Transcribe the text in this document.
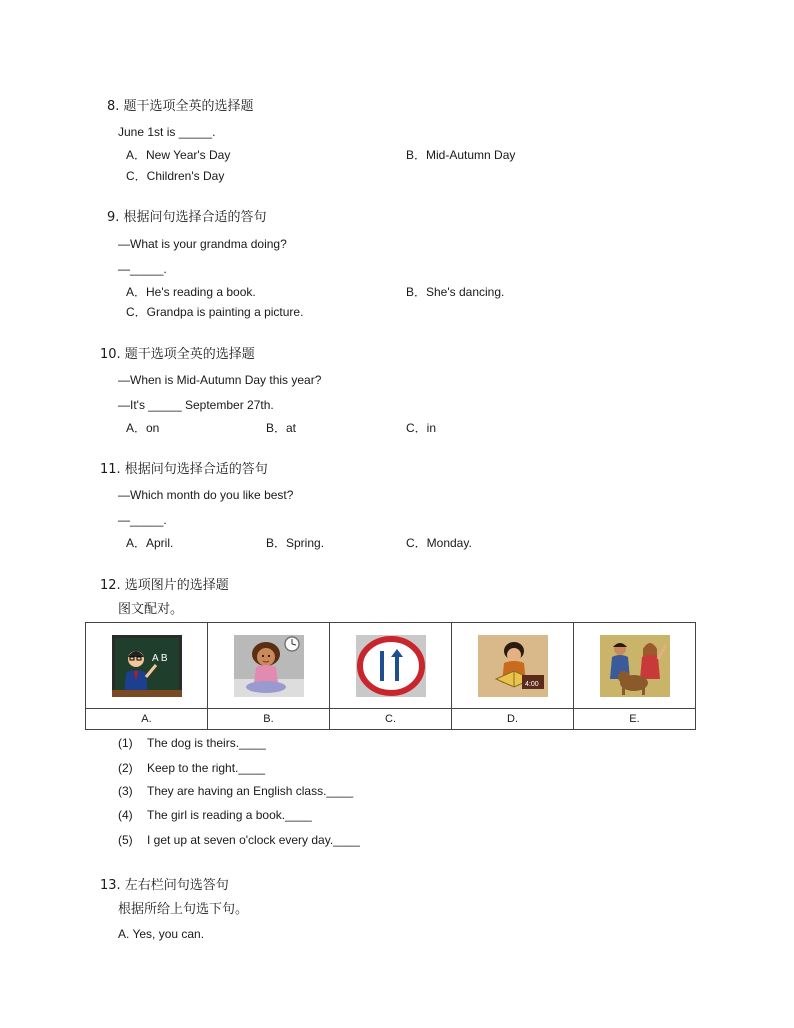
8. 题干选项全英的选择题
June 1st is _____.
A．New Year's Day	B．Mid-Autumn Day
C．Children's Day
9. 根据问句选择合适的答句
—What is your grandma doing?
—_____.
A．He's reading a book.	B．She's dancing.
C．Grandpa is painting a picture.
10. 题干选项全英的选择题
—When is Mid-Autumn Day this year?
—It's _____ September 27th.
A．on	B．at	C．in
11. 根据问句选择合适的答句
—Which month do you like best?
—_____.
A．April.	B．Spring.	C．Monday.
12. 选项图片的选择题
图文配对。
A B			4:00

A.	B.	C.	D.	E.
(1) The dog is theirs.____
(2) Keep to the right.____
(3) They are having an English class.____
(4) The girl is reading a book.____
(5) I get up at seven o'clock every day.____
13. 左右栏问句选答句
根据所给上句选下句。
A. Yes, you can.
